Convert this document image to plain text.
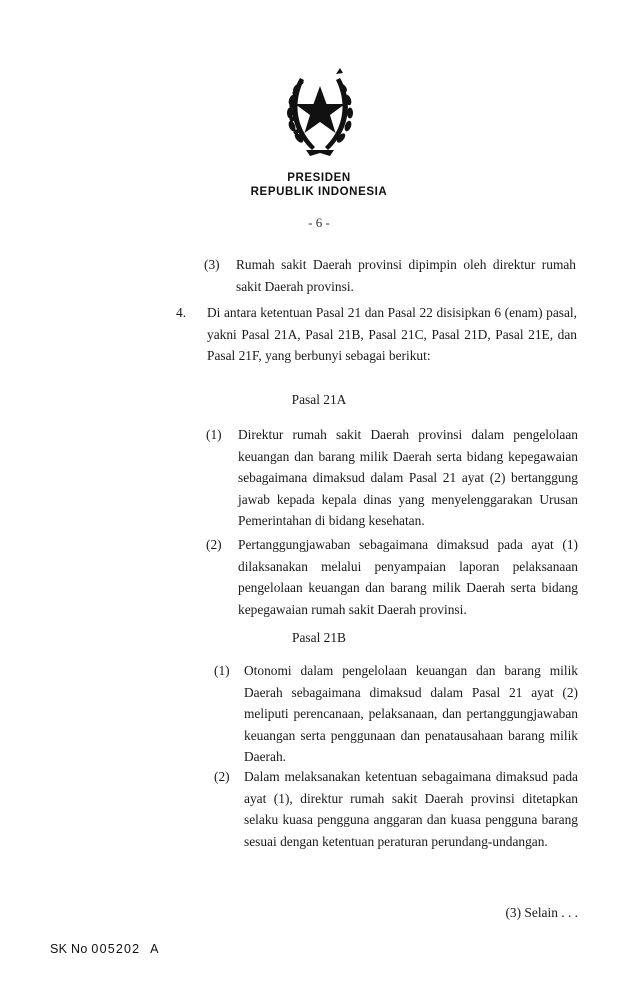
PRESIDEN
REPUBLIK INDONESIA
- 6 -
(3) Rumah sakit Daerah provinsi dipimpin oleh direktur rumah sakit Daerah provinsi.
4. Di antara ketentuan Pasal 21 dan Pasal 22 disisipkan 6 (enam) pasal, yakni Pasal 21A, Pasal 21B, Pasal 21C, Pasal 21D, Pasal 21E, dan Pasal 21F, yang berbunyi sebagai berikut:
Pasal 21A
(1) Direktur rumah sakit Daerah provinsi dalam pengelolaan keuangan dan barang milik Daerah serta bidang kepegawaian sebagaimana dimaksud dalam Pasal 21 ayat (2) bertanggung jawab kepada kepala dinas yang menyelenggarakan Urusan Pemerintahan di bidang kesehatan.
(2) Pertanggungjawaban sebagaimana dimaksud pada ayat (1) dilaksanakan melalui penyampaian laporan pelaksanaan pengelolaan keuangan dan barang milik Daerah serta bidang kepegawaian rumah sakit Daerah provinsi.
Pasal 21B
(1) Otonomi dalam pengelolaan keuangan dan barang milik Daerah sebagaimana dimaksud dalam Pasal 21 ayat (2) meliputi perencanaan, pelaksanaan, dan pertanggungjawaban keuangan serta penggunaan dan penatausahaan barang milik Daerah.
(2) Dalam melaksanakan ketentuan sebagaimana dimaksud pada ayat (1), direktur rumah sakit Daerah provinsi ditetapkan selaku kuasa pengguna anggaran dan kuasa pengguna barang sesuai dengan ketentuan peraturan perundang-undangan.
(3) Selain . . .
SK No 005202 A
